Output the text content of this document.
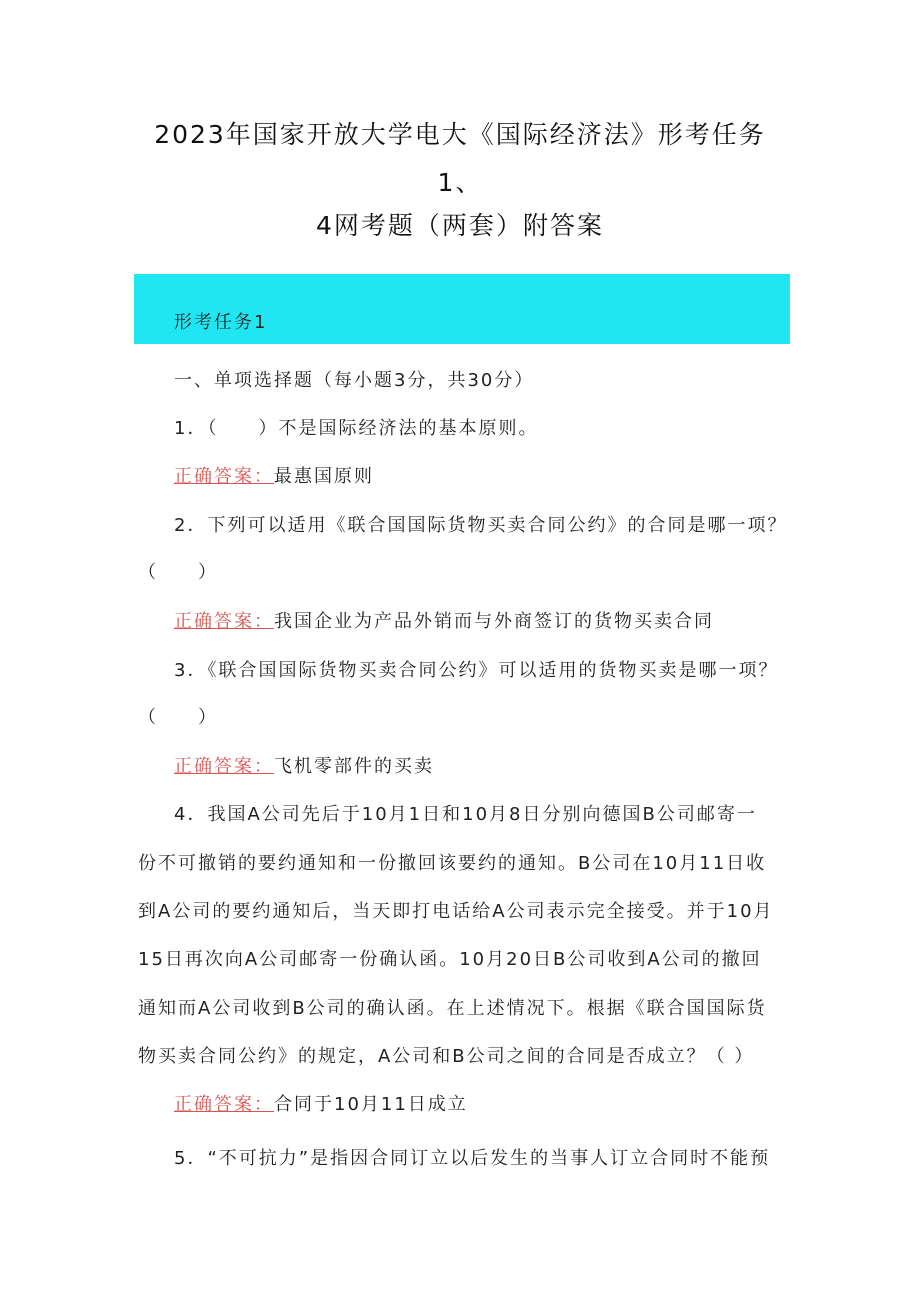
2023年国家开放大学电大《国际经济法》形考任务
1、
4网考题（两套）附答案
形考任务1
一、单项选择题（每小题3分，共30分）
1．（　　）不是国际经济法的基本原则。
正确答案：最惠国原则
2．下列可以适用《联合国国际货物买卖合同公约》的合同是哪一项？
（　　）
正确答案：我国企业为产品外销而与外商签订的货物买卖合同
3．《联合国国际货物买卖合同公约》可以适用的货物买卖是哪一项？
（　　）
正确答案：飞机零部件的买卖
4．我国A公司先后于10月1日和10月8日分别向德国B公司邮寄一
份不可撤销的要约通知和一份撤回该要约的通知。B公司在10月11日收
到A公司的要约通知后，当天即打电话给A公司表示完全接受。并于10月
15日再次向A公司邮寄一份确认函。10月20日B公司收到A公司的撤回
通知而A公司收到B公司的确认函。在上述情况下。根据《联合国国际货
物买卖合同公约》的规定，A公司和B公司之间的合同是否成立？（ ）
正确答案：合同于10月11日成立
5．“不可抗力”是指因合同订立以后发生的当事人订立合同时不能预
